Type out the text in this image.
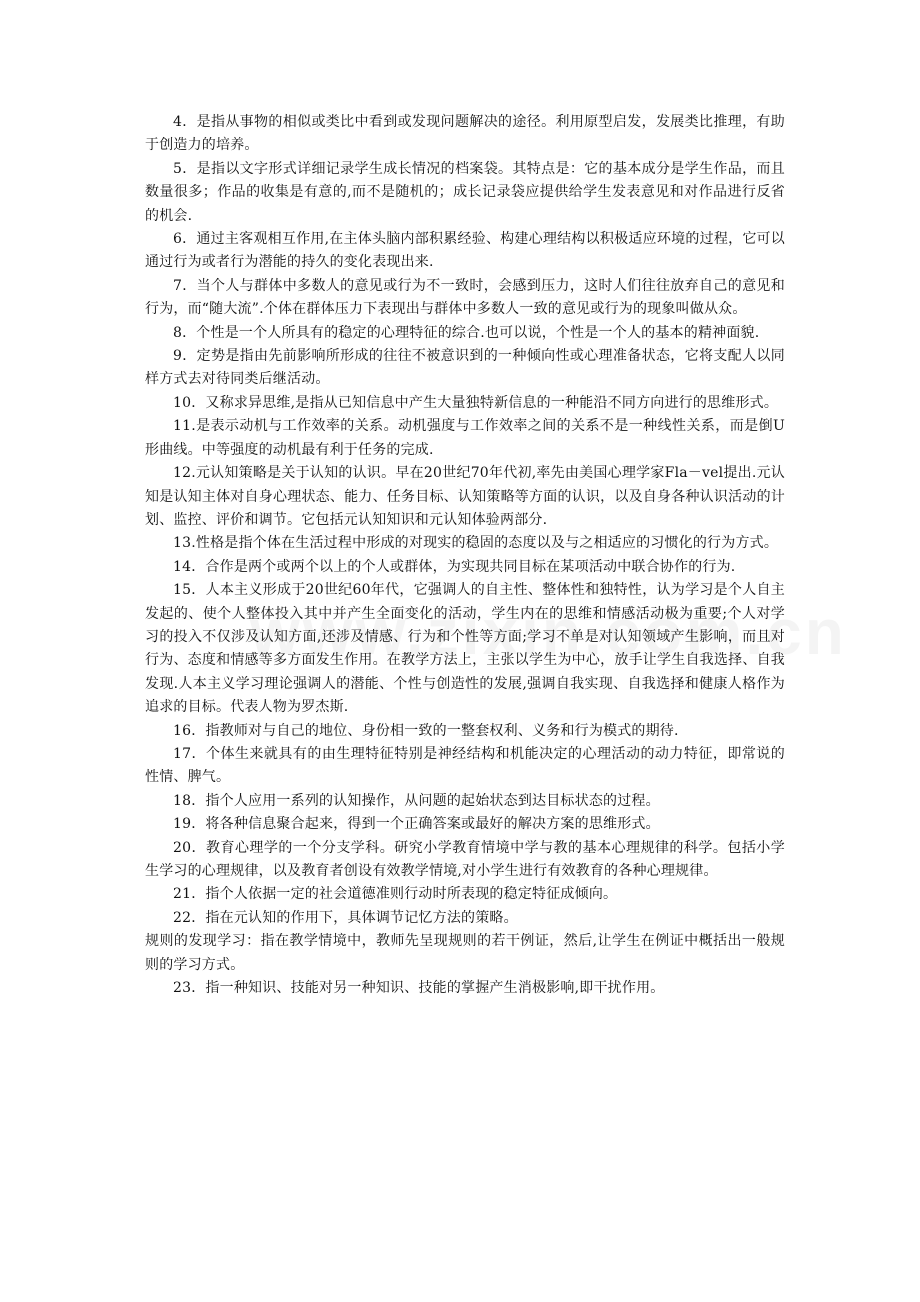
4．是指从事物的相似或类比中看到或发现问题解决的途径。利用原型启发，发展类比推理，有助于创造力的培养。

5．是指以文字形式详细记录学生成长情况的档案袋。其特点是：它的基本成分是学生作品，而且数量很多；作品的收集是有意的,而不是随机的；成长记录袋应提供给学生发表意见和对作品进行反省的机会.

6．通过主客观相互作用,在主体头脑内部积累经验、构建心理结构以积极适应环境的过程，它可以通过行为或者行为潜能的持久的变化表现出来.

7．当个人与群体中多数人的意见或行为不一致时，会感到压力，这时人们往往放弃自己的意见和行为，而“随大流”.个体在群体压力下表现出与群体中多数人一致的意见或行为的现象叫做从众。

8．个性是一个人所具有的稳定的心理特征的综合.也可以说，个性是一个人的基本的精神面貌.

9．定势是指由先前影响所形成的往往不被意识到的一种倾向性或心理准备状态，它将支配人以同样方式去对待同类后继活动。

10．又称求异思维,是指从已知信息中产生大量独特新信息的一种能沿不同方向进行的思维形式。

11.是表示动机与工作效率的关系。动机强度与工作效率之间的关系不是一种线性关系，而是倒U形曲线。中等强度的动机最有利于任务的完成.

12.元认知策略是关于认知的认识。早在20世纪70年代初,率先由美国心理学家Fla－vel提出.元认知是认知主体对自身心理状态、能力、任务目标、认知策略等方面的认识，以及自身各种认识活动的计划、监控、评价和调节。它包括元认知知识和元认知体验两部分.

13.性格是指个体在生活过程中形成的对现实的稳固的态度以及与之相适应的习惯化的行为方式。

14．合作是两个或两个以上的个人或群体，为实现共同目标在某项活动中联合协作的行为.

15．人本主义形成于20世纪60年代，它强调人的自主性、整体性和独特性，认为学习是个人自主发起的、使个人整体投入其中并产生全面变化的活动，学生内在的思维和情感活动极为重要;个人对学习的投入不仅涉及认知方面,还涉及情感、行为和个性等方面;学习不单是对认知领域产生影响，而且对行为、态度和情感等多方面发生作用。在教学方法上，主张以学生为中心，放手让学生自我选择、自我发现.人本主义学习理论强调人的潜能、个性与创造性的发展,强调自我实现、自我选择和健康人格作为追求的目标。代表人物为罗杰斯.

16．指教师对与自己的地位、身份相一致的一整套权利、义务和行为模式的期待.

17．个体生来就具有的由生理特征特别是神经结构和机能决定的心理活动的动力特征，即常说的性情、脾气。

18．指个人应用一系列的认知操作，从问题的起始状态到达目标状态的过程。

19．将各种信息聚合起来，得到一个正确答案或最好的解决方案的思维形式。

20．教育心理学的一个分支学科。研究小学教育情境中学与教的基本心理规律的科学。包括小学生学习的心理规律，以及教育者创设有效教学情境,对小学生进行有效教育的各种心理规律。

21．指个人依据一定的社会道德准则行动时所表现的稳定特征成倾向。

22．指在元认知的作用下，具体调节记忆方法的策略。

规则的发现学习：指在教学情境中，教师先呈现规则的若干例证，然后,让学生在例证中概括出一般规则的学习方式。

23．指一种知识、技能对另一种知识、技能的掌握产生消极影响,即干扰作用。
